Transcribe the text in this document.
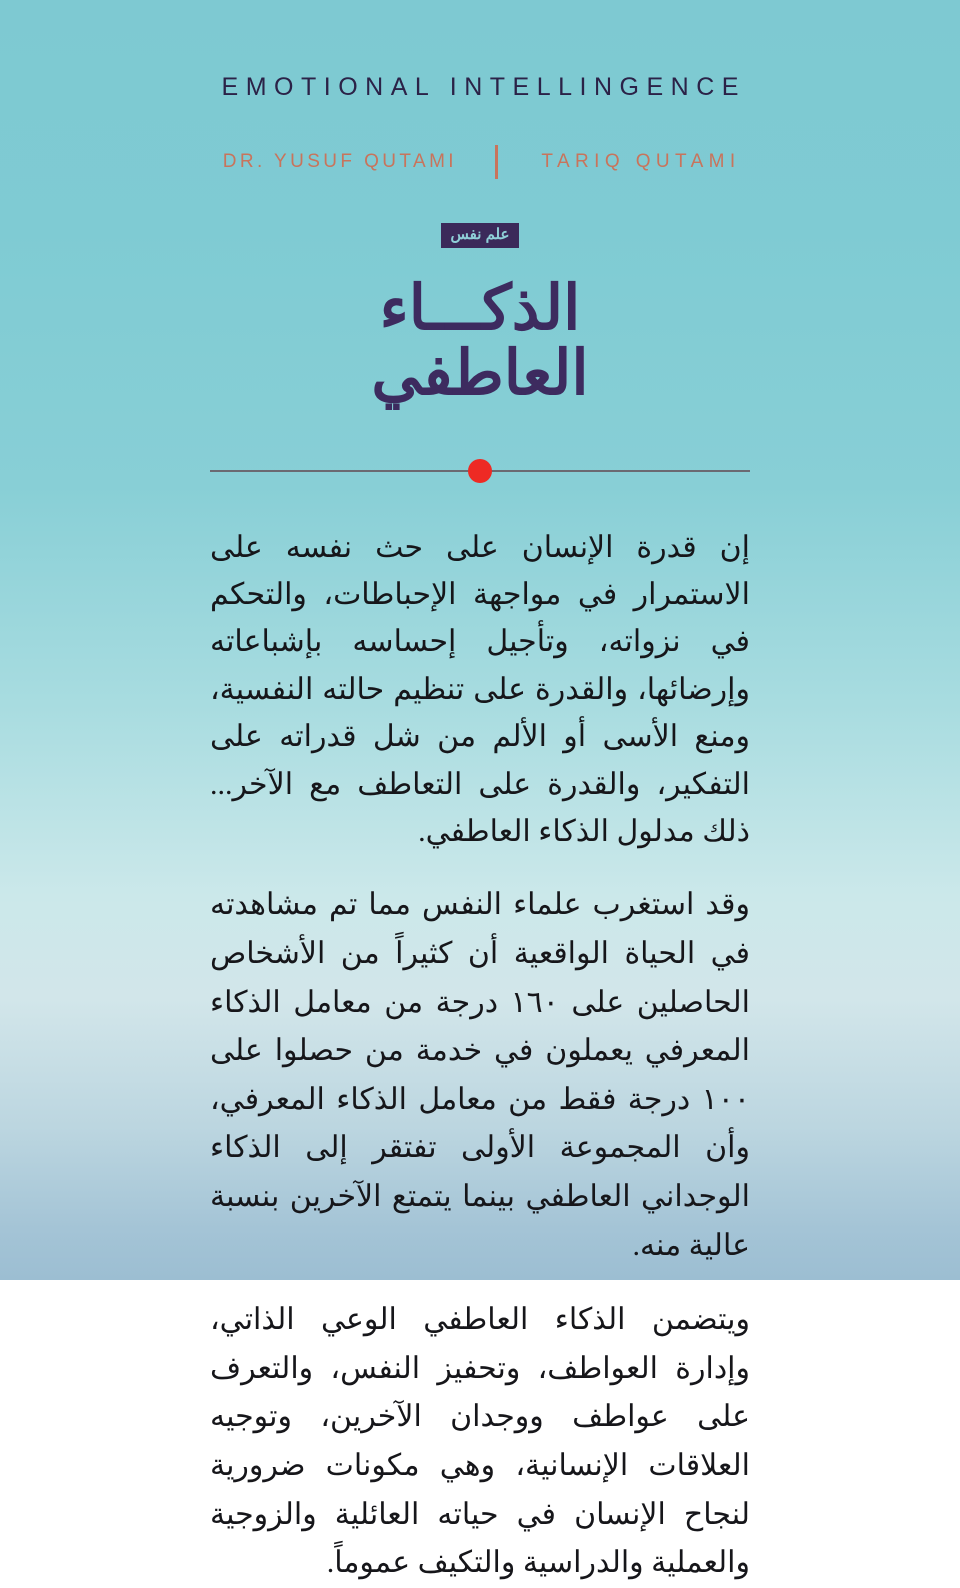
EMOTIONAL INTELLINGENCE
DR. YUSUF QUTAMI	TARIQ QUTAMI
علم نفس
الذكـــاء
العاطفي

إن قدرة الإنسان على حث نفسه على الاستمرار في مواجهة الإحباطات، والتحكم في نزواته، وتأجيل إحساسه بإشباعاته وإرضائها، والقدرة على تنظيم حالته النفسية، ومنع الأسى أو الألم من شل قدراته على التفكير، والقدرة على التعاطف مع الآخر... ذلك مدلول الذكاء العاطفي.

وقد استغرب علماء النفس مما تم مشاهدته في الحياة الواقعية أن كثيراً من الأشخاص الحاصلين على ١٦٠ درجة من معامل الذكاء المعرفي يعملون في خدمة من حصلوا على ١٠٠ درجة فقط من معامل الذكاء المعرفي، وأن المجموعة الأولى تفتقر إلى الذكاء الوجداني العاطفي بينما يتمتع الآخرين بنسبة عالية منه.

ويتضمن الذكاء العاطفي الوعي الذاتي، وإدارة العواطف، وتحفيز النفس، والتعرف على عواطف ووجدان الآخرين، وتوجيه العلاقات الإنسانية، وهي مكونات ضرورية لنجاح الإنسان في حياته العائلية والزوجية والعملية والدراسية والتكيف عموماً.
